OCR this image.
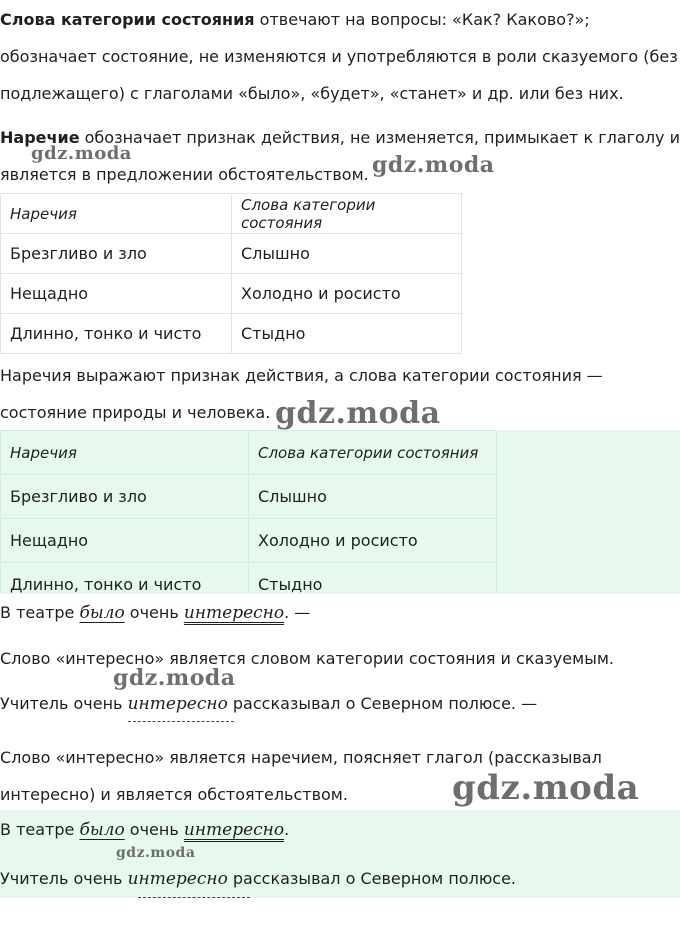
Слова категории состояния отвечают на вопросы: «Как? Каково?»; обозначает состояние, не изменяются и употребляются в роли сказуемого (без подлежащего) с глаголами «было», «будет», «станет» и др. или без них.

Наречие обозначает признак действия, не изменяется, примыкает к глаголу и является в предложении обстоятельством.

Наречия	Слова категории состояния
Брезгливо и зло	Слышно
Нещадно	Холодно и росисто
Длинно, тонко и чисто	Стыдно

Наречия выражают признак действия, а слова категории состояния — состояние природы и человека.

Наречия	Слова категории состояния
Брезгливо и зло	Слышно
Нещадно	Холодно и росисто
Длинно, тонко и чисто	Стыдно

В театре было очень интересно. —

Слово «интересно» является словом категории состояния и сказуемым.

Учитель очень интересно рассказывал о Северном полюсе. —

Слово «интересно» является наречием, поясняет глагол (рассказывал интересно) и является обстоятельством.

В театре было очень интересно.

Учитель очень интересно рассказывал о Северном полюсе.

gdz.moda	gdz.moda
gdz.moda
gdz.moda
gdz.moda
gdz.moda
